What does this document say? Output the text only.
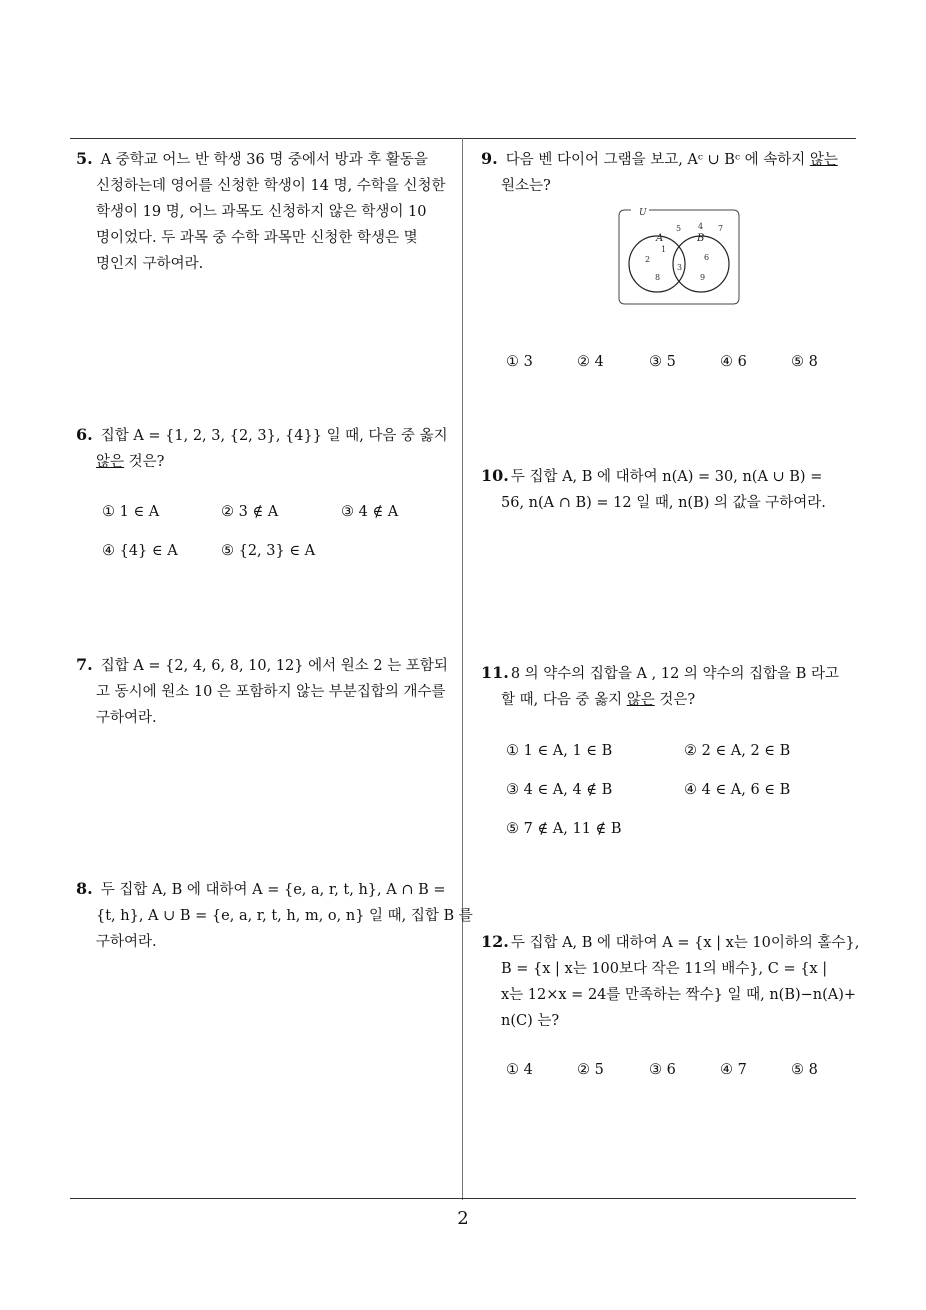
5. A 중학교 어느 반 학생 36 명 중에서 방과 후 활동을
신청하는데 영어를 신청한 학생이 14 명, 수학을 신청한
학생이 19 명, 어느 과목도 신청하지 않은 학생이 10
명이었다. 두 과목 중 수학 과목만 신청한 학생은 몇
명인지 구하여라.
6. 집합 A = {1, 2, 3, {2, 3}, {4}} 일 때, 다음 중 옳지
않은 것은?
① 1 ∈ A	② 3 ∉ A	③ 4 ∉ A
④ {4} ∈ A	⑤ {2, 3} ∈ A
7. 집합 A = {2, 4, 6, 8, 10, 12} 에서 원소 2 는 포함되
고 동시에 원소 10 은 포함하지 않는 부분집합의 개수를
구하여라.
8. 두 집합 A, B 에 대하여 A = {e, a, r, t, h}, A ∩ B =
{t, h}, A ∪ B = {e, a, r, t, h, m, o, n} 일 때, 집합 B 를
구하여라.
9. 다음 벤 다이어 그램을 보고, Aᶜ ∪ Bᶜ 에 속하지 않는
원소는?
U
A	B
5 4 7
1
2
8
3
6
9
① 3	② 4	③ 5	④ 6	⑤ 8
10. 두 집합 A, B 에 대하여 n(A) = 30, n(A ∪ B) =
56, n(A ∩ B) = 12 일 때, n(B) 의 값을 구하여라.
11. 8 의 약수의 집합을 A , 12 의 약수의 집합을 B 라고
할 때, 다음 중 옳지 않은 것은?
① 1 ∈ A, 1 ∈ B	② 2 ∈ A, 2 ∈ B
③ 4 ∈ A, 4 ∉ B	④ 4 ∈ A, 6 ∈ B
⑤ 7 ∉ A, 11 ∉ B
12. 두 집합 A, B 에 대하여 A = {x | x는 10이하의 홀수},
B = {x | x는 100보다 작은 11의 배수}, C = {x |
x는 12×x = 24를 만족하는 짝수} 일 때, n(B)−n(A)+
n(C) 는?
① 4	② 5	③ 6	④ 7	⑤ 8
2
